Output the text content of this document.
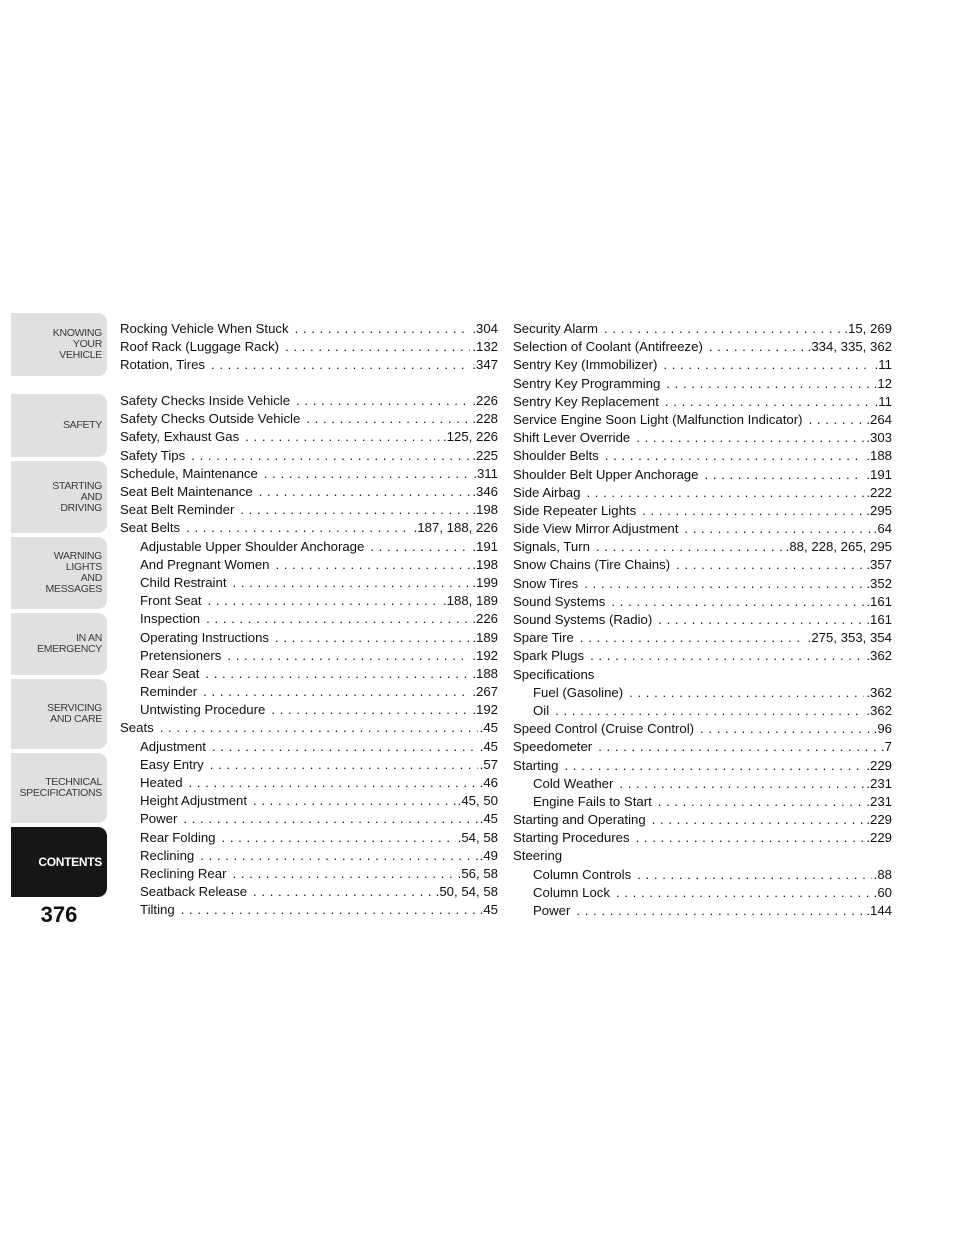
KNOWING
YOUR
VEHICLE
SAFETY
STARTING
AND
DRIVING
WARNING
LIGHTS
AND
MESSAGES
IN AN
EMERGENCY
SERVICING
AND CARE
TECHNICAL
SPECIFICATIONS
CONTENTS
376
Rocking Vehicle When Stuck . . .	.304
Roof Rack (Luggage Rack) . . .	.132
Rotation, Tires . . .	.347
Safety Checks Inside Vehicle . . .	.226
Safety Checks Outside Vehicle . . .	.228
Safety, Exhaust Gas . . .	.125, 226
Safety Tips . . .	.225
Schedule, Maintenance . . .	.311
Seat Belt Maintenance . . .	.346
Seat Belt Reminder . . .	.198
Seat Belts . . .	.187, 188, 226
Adjustable Upper Shoulder Anchorage . . .	.191
And Pregnant Women . . .	.198
Child Restraint . . .	.199
Front Seat . . .	.188, 189
Inspection . . .	.226
Operating Instructions . . .	.189
Pretensioners . . .	.192
Rear Seat . . .	.188
Reminder . . .	.267
Untwisting Procedure . . .	.192
Seats . . .	.45
Adjustment . . .	.45
Easy Entry . . .	.57
Heated . . .	.46
Height Adjustment . . .	.45, 50
Power . . .	.45
Rear Folding . . .	.54, 58
Reclining . . .	.49
Reclining Rear . . .	.56, 58
Seatback Release . . .	.50, 54, 58
Tilting . . .	.45
Security Alarm . . .	.15, 269
Selection of Coolant (Antifreeze) . . .	.334, 335, 362
Sentry Key (Immobilizer) . . .	.11
Sentry Key Programming . . .	.12
Sentry Key Replacement . . .	.11
Service Engine Soon Light (Malfunction Indicator) . . .	.264
Shift Lever Override . . .	.303
Shoulder Belts . . .	.188
Shoulder Belt Upper Anchorage . . .	.191
Side Airbag . . .	.222
Side Repeater Lights . . .	.295
Side View Mirror Adjustment . . .	.64
Signals, Turn . . .	.88, 228, 265, 295
Snow Chains (Tire Chains) . . .	.357
Snow Tires . . .	.352
Sound Systems . . .	.161
Sound Systems (Radio) . . .	.161
Spare Tire . . .	.275, 353, 354
Spark Plugs . . .	.362
Specifications
Fuel (Gasoline) . . .	.362
Oil . . .	.362
Speed Control (Cruise Control) . . .	.96
Speedometer . . .	.7
Starting . . .	.229
Cold Weather . . .	.231
Engine Fails to Start . . .	.231
Starting and Operating . . .	.229
Starting Procedures . . .	.229
Steering
Column Controls . . .	.88
Column Lock . . .	.60
Power . . .	.144
